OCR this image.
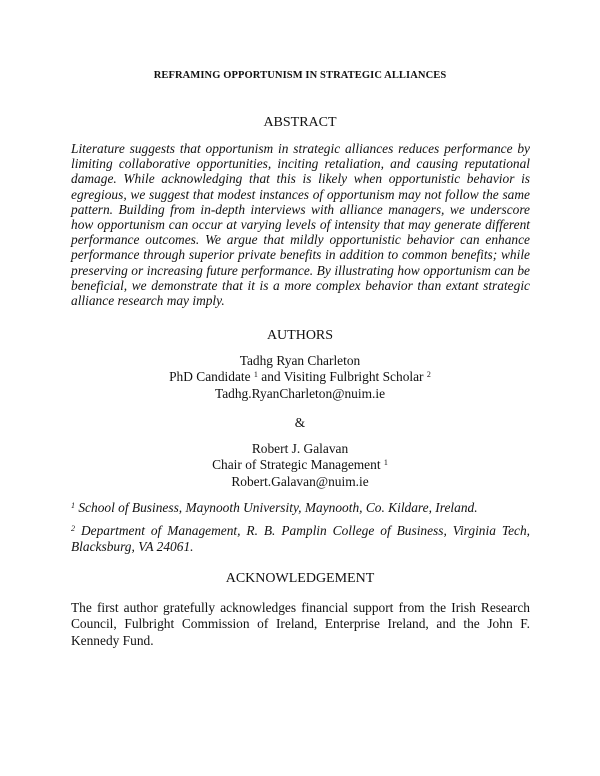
REFRAMING OPPORTUNISM IN STRATEGIC ALLIANCES
ABSTRACT

Literature suggests that opportunism in strategic alliances reduces performance by limiting collaborative opportunities, inciting retaliation, and causing reputational damage. While acknowledging that this is likely when opportunistic behavior is egregious, we suggest that modest instances of opportunism may not follow the same pattern. Building from in-depth interviews with alliance managers, we underscore how opportunism can occur at varying levels of intensity that may generate different performance outcomes. We argue that mildly opportunistic behavior can enhance performance through superior private benefits in addition to common benefits; while preserving or increasing future performance. By illustrating how opportunism can be beneficial, we demonstrate that it is a more complex behavior than extant strategic alliance research may imply.

AUTHORS
Tadhg Ryan Charleton
PhD Candidate $^1$ and Visiting Fulbright Scholar $^2$
Tadhg.RyanCharleton@nuim.ie
&
Robert J. Galavan
Chair of Strategic Management $^1$
Robert.Galavan@nuim.ie

$^1$ School of Business, Maynooth University, Maynooth, Co. Kildare, Ireland.

$^2$ Department of Management, R. B. Pamplin College of Business, Virginia Tech, Blacksburg, VA 24061.

ACKNOWLEDGEMENT

The first author gratefully acknowledges financial support from the Irish Research Council, Fulbright Commission of Ireland, Enterprise Ireland, and the John F. Kennedy Fund.
